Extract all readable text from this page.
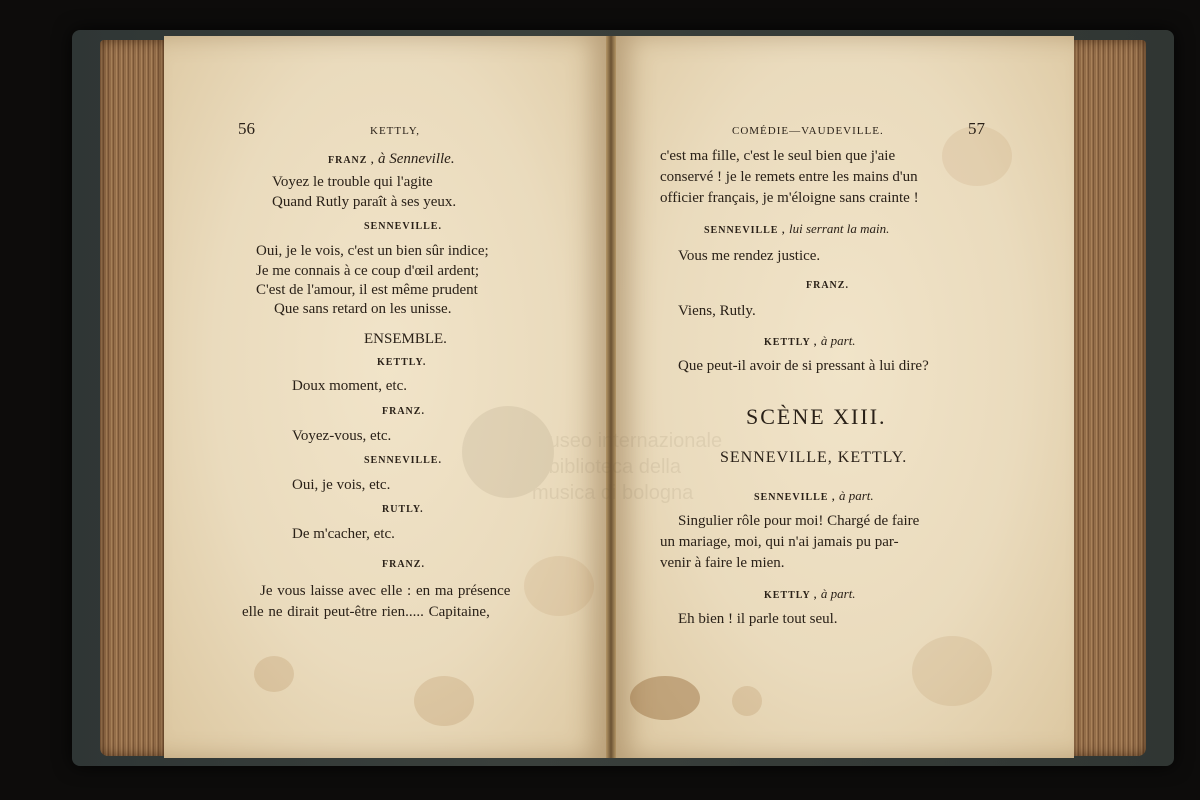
56	KETTLY,
FRANZ , à Senneville.
Voyez le trouble qui l'agite
Quand Rutly paraît à ses yeux.
SENNEVILLE.
Oui, je le vois, c'est un bien sûr indice;
Je me connais à ce coup d'œil ardent;
C'est de l'amour, il est même prudent
Que sans retard on les unisse.
ENSEMBLE.
KETTLY.
Doux moment, etc.
FRANZ.
Voyez-vous, etc.
SENNEVILLE.
Oui, je vois, etc.
RUTLY.
De m'cacher, etc.
FRANZ.
Je vous laisse avec elle : en ma présence
elle ne dirait peut-être rien..... Capitaine,
COMÉDIE—VAUDEVILLE.	57
c'est ma fille, c'est le seul bien que j'aie
conservé ! je le remets entre les mains d'un
officier français, je m'éloigne sans crainte !
SENNEVILLE , lui serrant la main.
Vous me rendez justice.
FRANZ.
Viens, Rutly.
KETTLY , à part.
Que peut-il avoir de si pressant à lui dire?
SCÈNE XIII.
SENNEVILLE, KETTLY.
SENNEVILLE , à part.
Singulier rôle pour moi! Chargé de faire
un mariage, moi, qui n'ai jamais pu par-
venir à faire le mien.
KETTLY , à part.
Eh bien ! il parle tout seul.
museo internazionale
e biblioteca della
musica di bologna
